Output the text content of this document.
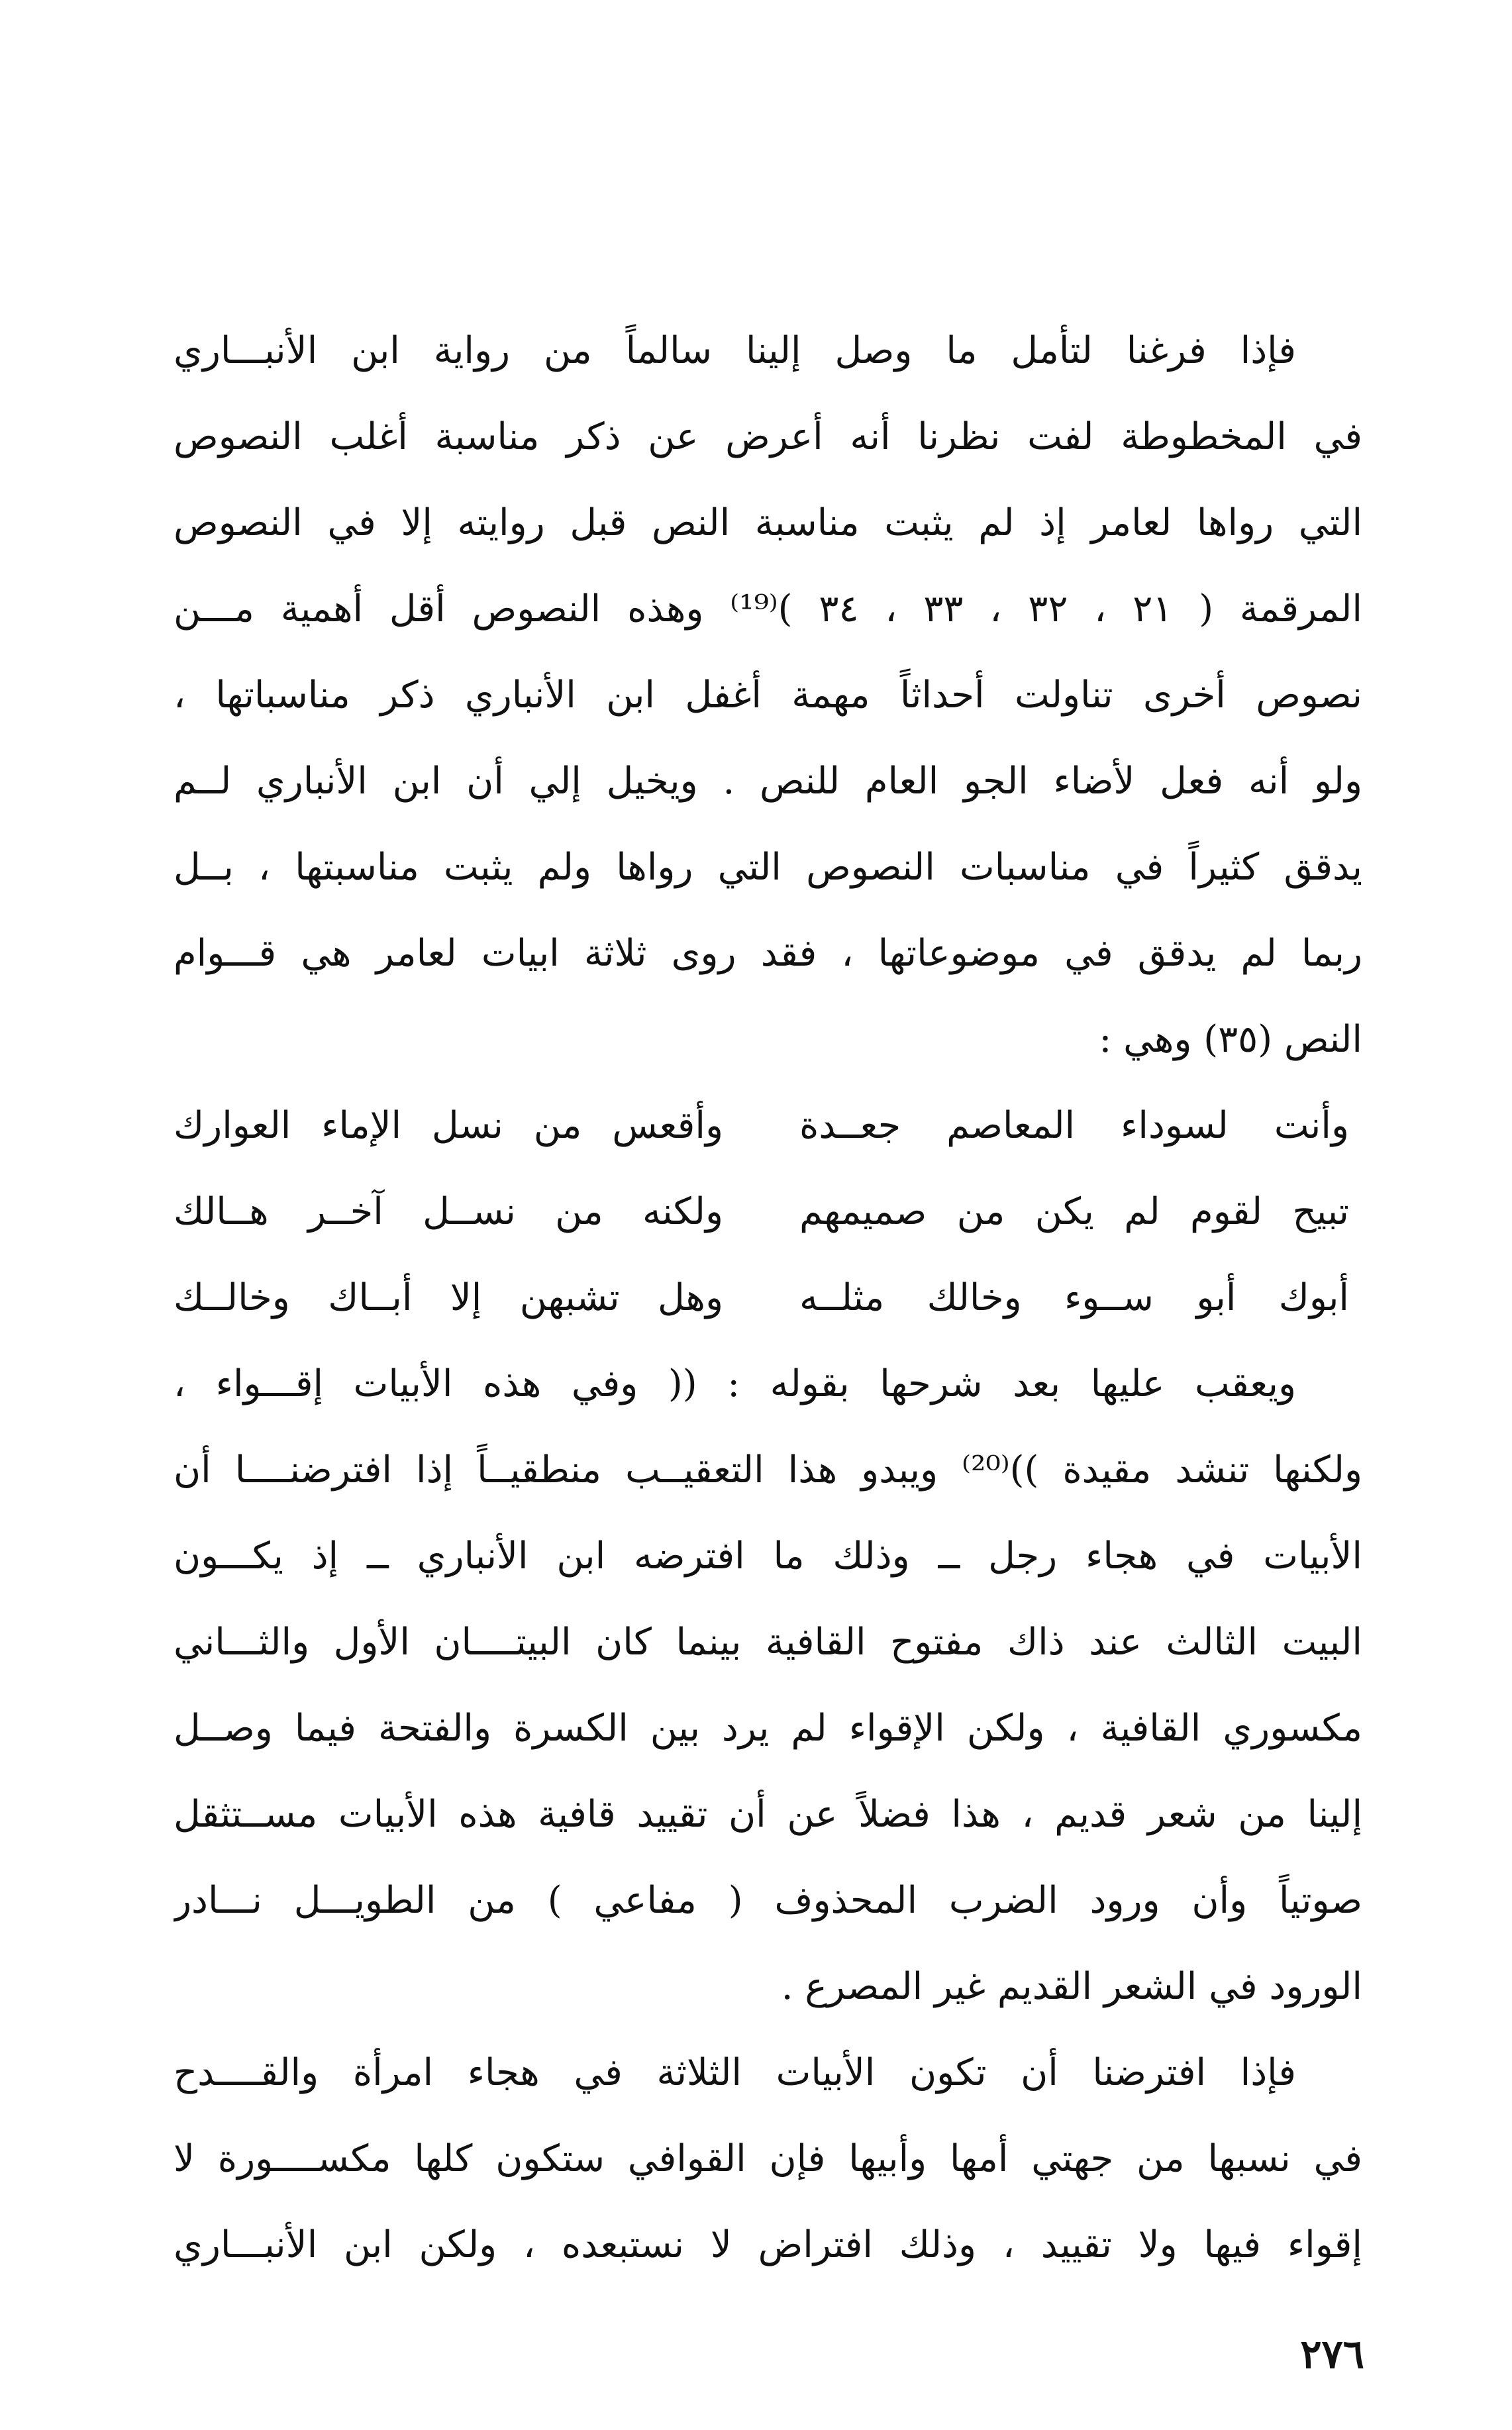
فإذا فرغنا لتأمل ما وصل إلينا سالماً من رواية ابن الأنبـــاري
في المخطوطة لفت نظرنا أنه أعرض عن ذكر مناسبة أغلب النصوص
التي رواها لعامر إذ لم يثبت مناسبة النص قبل روايته إلا في النصوص
المرقمة ( ٢١ ، ٣٢ ، ٣٣ ، ٣٤ )⁽¹⁹⁾ وهذه النصوص أقل أهمية مـــن
نصوص أخرى تناولت أحداثاً مهمة أغفل ابن الأنباري ذكر مناسباتها ،
ولو أنه فعل لأضاء الجو العام للنص . ويخيل إلي أن ابن الأنباري لــم
يدقق كثيراً في مناسبات النصوص التي رواها ولم يثبت مناسبتها ، بــل
ربما لم يدقق في موضوعاتها ، فقد روى ثلاثة ابيات لعامر هي قـــوام
النص (٣٥) وهي :
وأنت لسوداء المعاصم جعــدة
وأقعس من نسل الإماء العوارك
تبيح لقوم لم يكن من صميمهم
ولكنه من نســل آخــر هــالك
أبوك أبو ســوء وخالك مثلــه
وهل تشبهن إلا أبــاك وخالــك
ويعقب عليها بعد شرحها بقوله : (( وفي هذه الأبيات إقـــواء ،
ولكنها تنشد مقيدة ))⁽²⁰⁾ ويبدو هذا التعقيــب منطقيــاً إذا افترضنــــا أن
الأبيات في هجاء رجل ــ وذلك ما افترضه ابن الأنباري ــ إذ يكـــون
البيت الثالث عند ذاك مفتوح القافية بينما كان البيتــــان الأول والثـــاني
مكسوري القافية ، ولكن الإقواء لم يرد بين الكسرة والفتحة فيما وصــل
إلينا من شعر قديم ، هذا فضلاً عن أن تقييد قافية هذه الأبيات مســتثقل
صوتياً وأن ورود الضرب المحذوف ( مفاعي ) من الطويـــل نـــادر
الورود في الشعر القديم غير المصرع .
فإذا افترضنا أن تكون الأبيات الثلاثة في هجاء امرأة والقــــدح
في نسبها من جهتي أمها وأبيها فإن القوافي ستكون كلها مكســــورة لا
إقواء فيها ولا تقييد ، وذلك افتراض لا نستبعده ، ولكن ابن الأنبـــاري
٢٧٦
